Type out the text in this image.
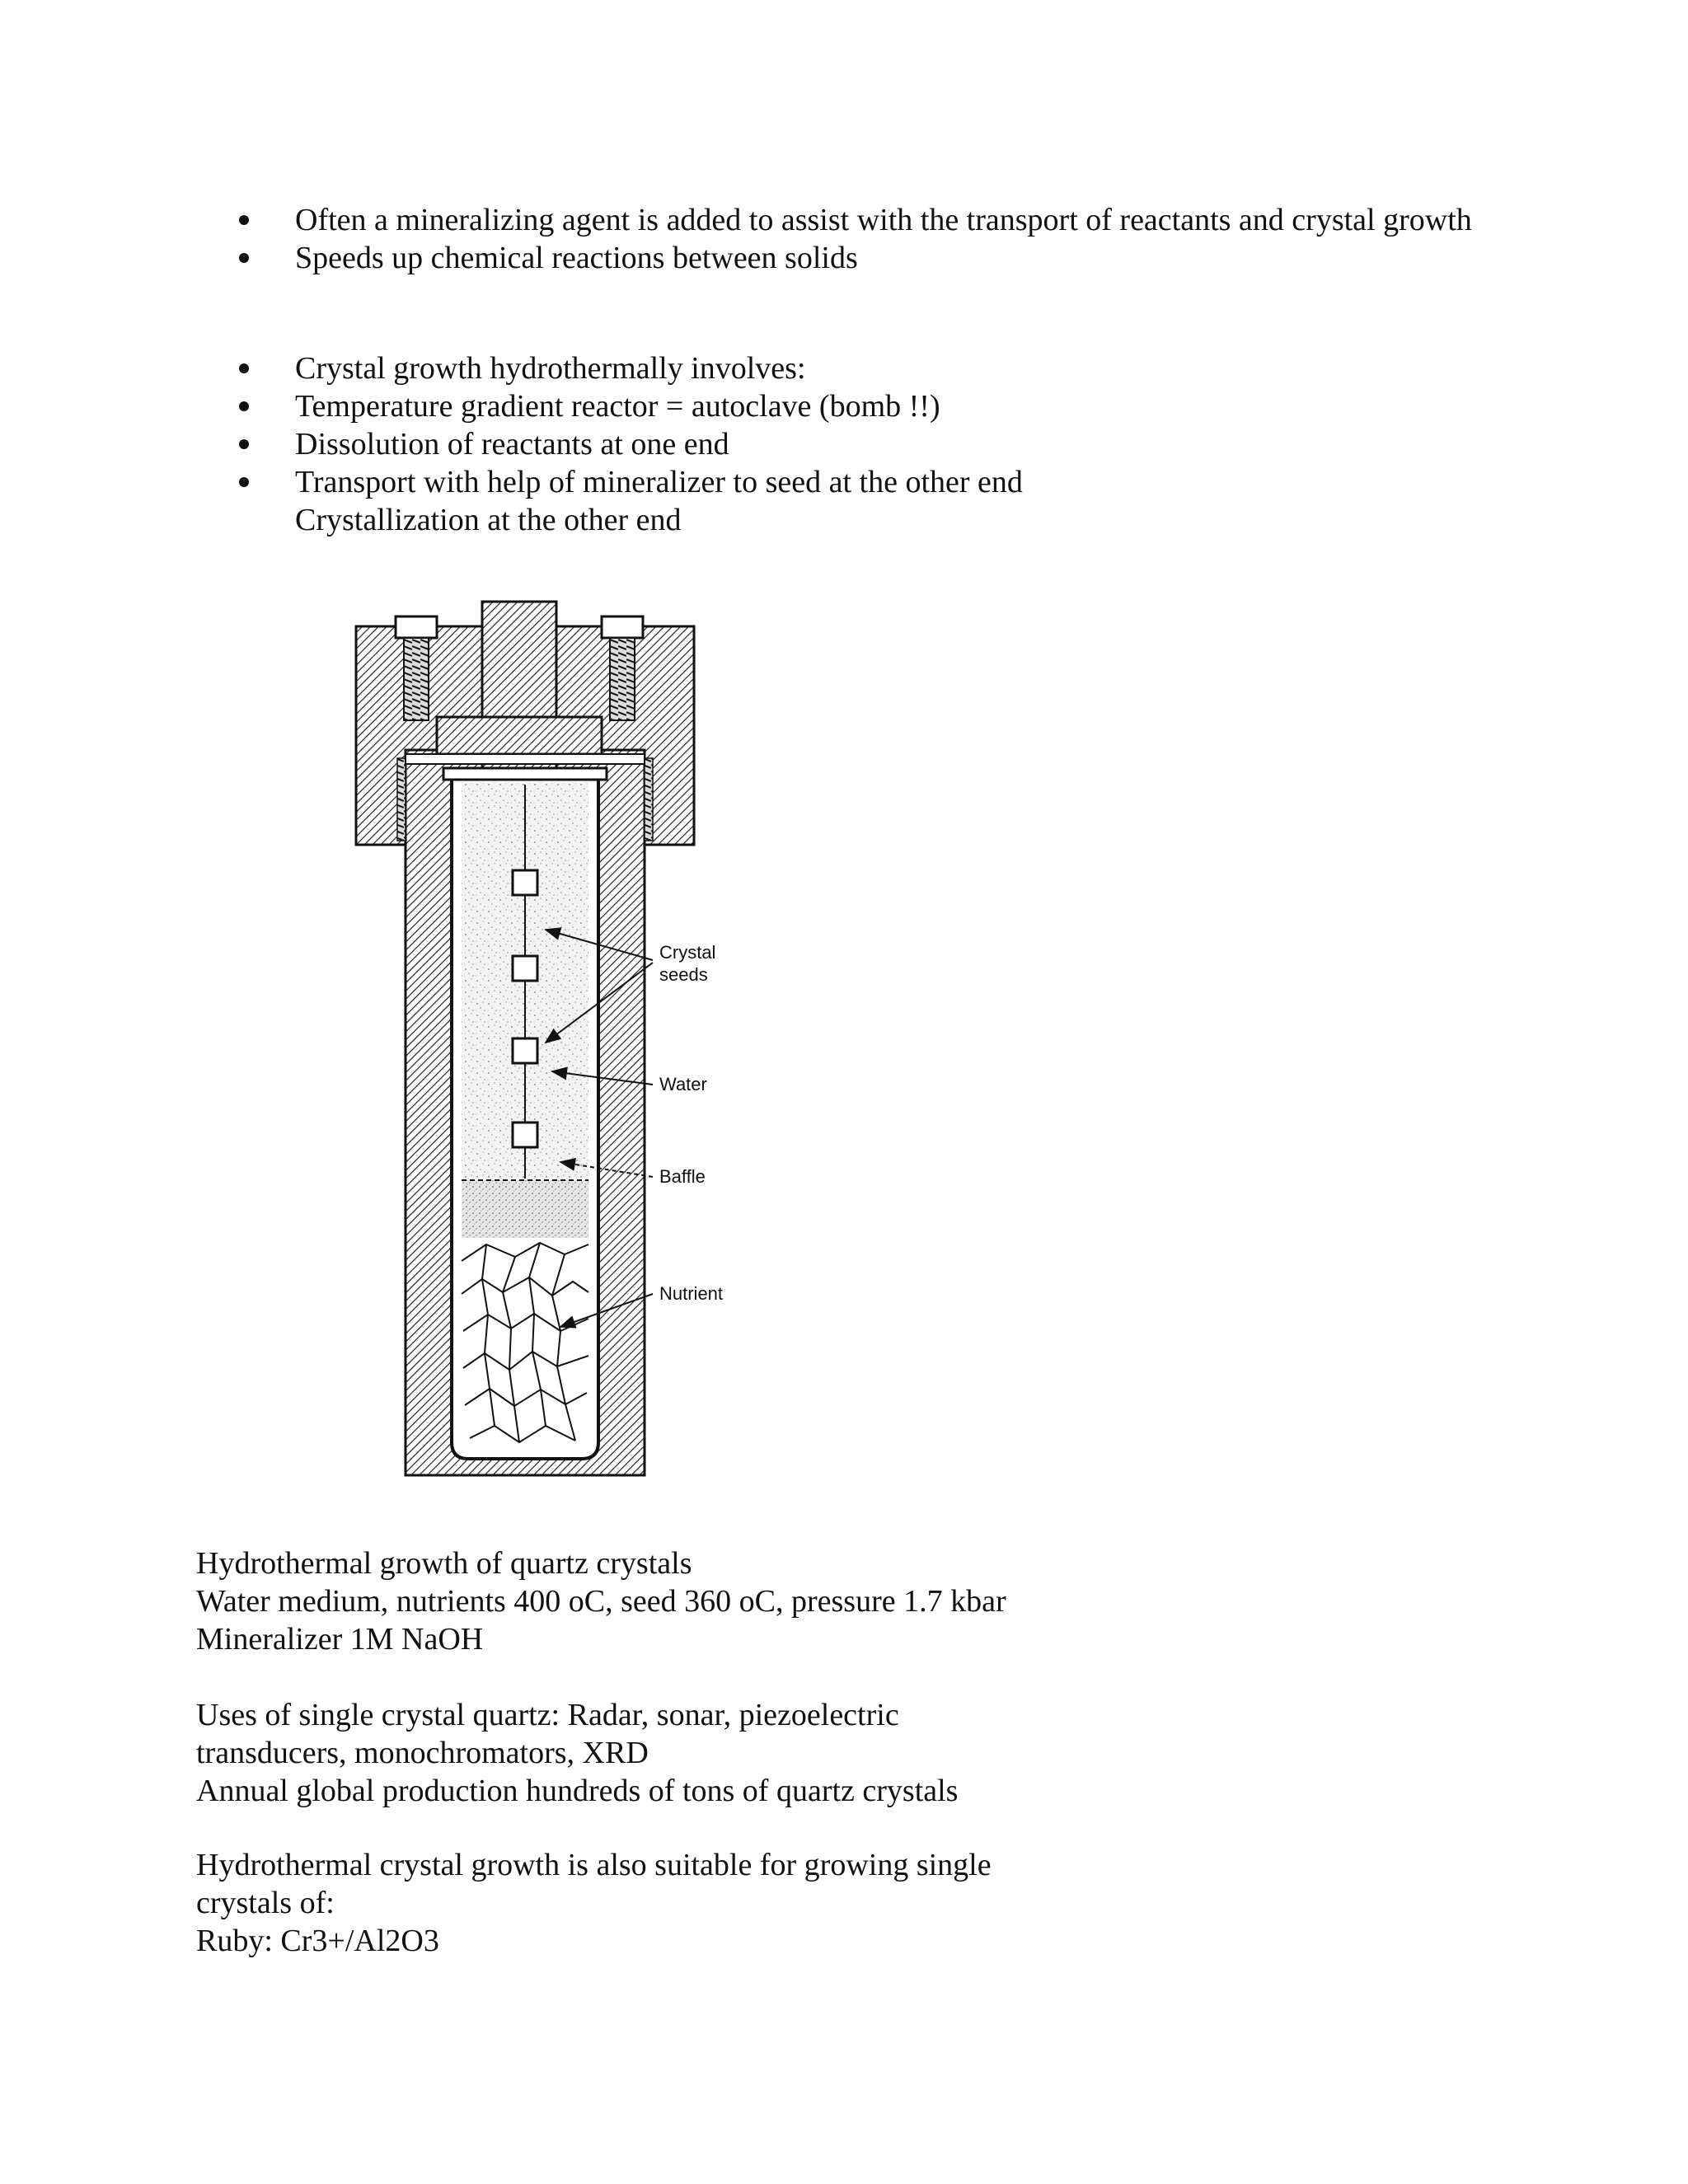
Often a mineralizing agent is added to assist with the transport of reactants and crystal growth
Speeds up chemical reactions between solids
Crystal growth hydrothermally involves:
Temperature gradient reactor = autoclave (bomb !!)
Dissolution of reactants at one end
Transport with help of mineralizer to seed at the other end
Crystallization at the other end
Crystal
seeds
Water
Baffle
Nutrient
Hydrothermal growth of quartz crystals
Water medium, nutrients 400 oC, seed 360 oC, pressure 1.7 kbar
Mineralizer 1M NaOH
Uses of single crystal quartz: Radar, sonar, piezoelectric
transducers, monochromators, XRD
Annual global production hundreds of tons of quartz crystals
Hydrothermal crystal growth is also suitable for growing single
crystals of:
Ruby: Cr3+/Al2O3
